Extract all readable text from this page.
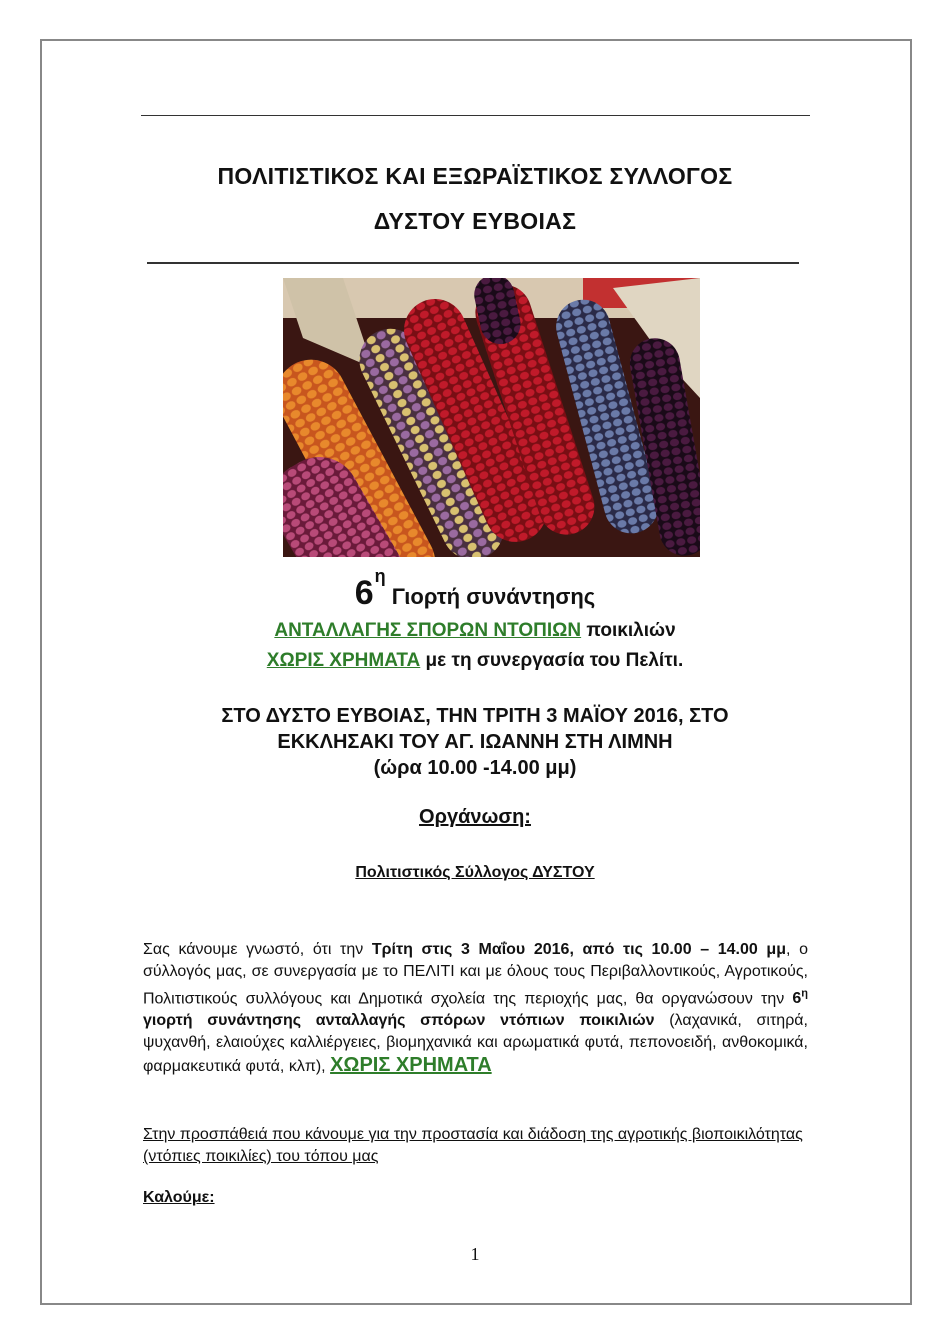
ΠΟΛΙΤΙΣΤΙΚΟΣ ΚΑΙ ΕΞΩΡΑΪΣΤΙΚΟΣ ΣΥΛΛΟΓΟΣ
ΔΥΣΤΟΥ ΕΥΒΟΙΑΣ
$6^\eta$ Γιορτή συνάντησης
ΑΝΤΑΛΛΑΓΗΣ ΣΠΟΡΩΝ ΝΤΟΠΙΩΝ ποικιλιών
ΧΩΡΙΣ ΧΡΗΜΑΤΑ με τη συνεργασία του Πελίτι.
ΣΤΟ ΔΥΣΤΟ ΕΥΒΟΙΑΣ, ΤΗΝ ΤΡΙΤΗ 3 ΜΑΪΟΥ 2016, ΣΤΟ
ΕΚΚΛΗΣΑΚΙ ΤΟΥ ΑΓ. ΙΩΑΝΝΗ ΣΤΗ ΛΙΜΝΗ
(ώρα 10.00 -14.00 μμ)
Οργάνωση:
Πολιτιστικός Σύλλογος ΔΥΣΤΟΥ
Σας κάνουμε γνωστό, ότι την Τρίτη στις 3 Μαΐου 2016, από τις 10.00 – 14.00 μμ, ο σύλλογός μας, σε συνεργασία με το ΠΕΛΙΤΙ και με όλους τους Περιβαλλοντικούς, Αγροτικούς, Πολιτιστικούς συλλόγους και Δημοτικά σχολεία της περιοχής μας, θα οργανώσουν την $6^\eta$ γιορτή συνάντησης ανταλλαγής σπόρων ντόπιων ποικιλιών (λαχανικά, σιτηρά, ψυχανθή, ελαιούχες καλλιέργειες, βιομηχανικά και αρωματικά φυτά, πεπονοειδή, ανθοκομικά, φαρμακευτικά φυτά, κλπ), ΧΩΡΙΣ ΧΡΗΜΑΤΑ
Στην προσπάθειά που κάνουμε για την προστασία και διάδοση της αγροτικής βιοποικιλότητας (ντόπιες ποικιλίες) του τόπου μας
Καλούμε:
1
